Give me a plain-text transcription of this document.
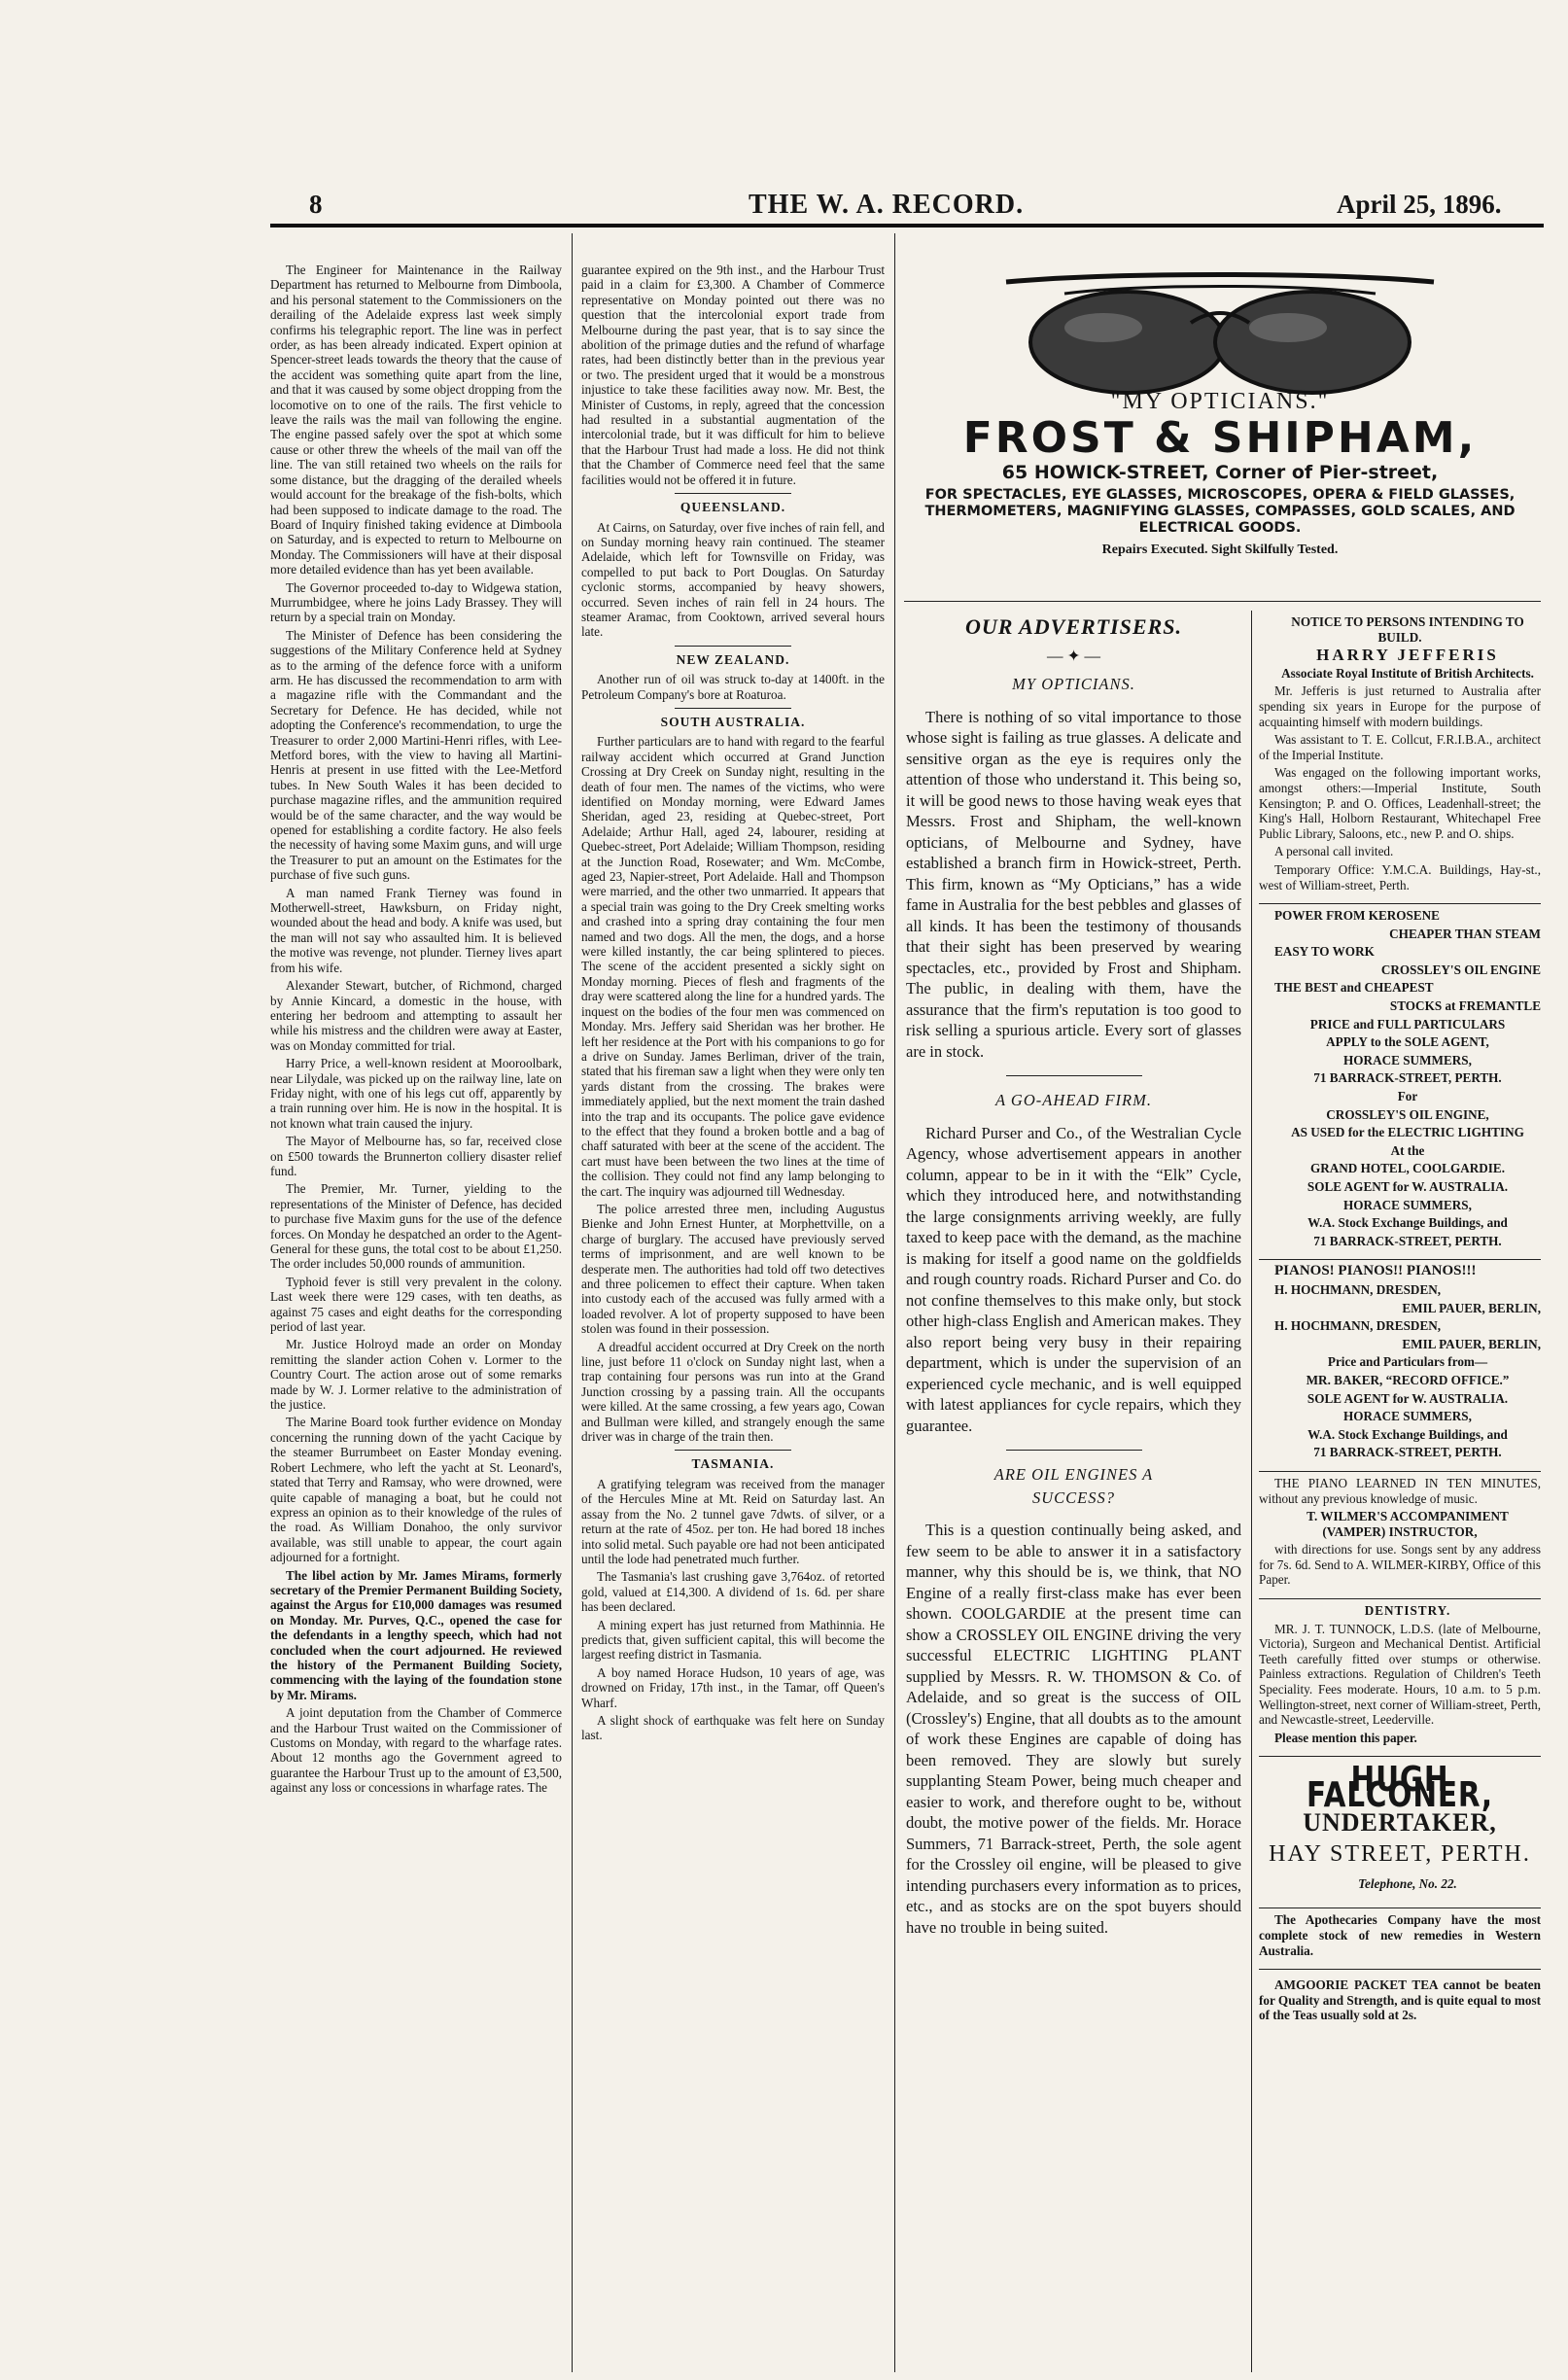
8	THE W. A. RECORD.	April 25, 1896.

The Engineer for Maintenance in the Railway Department has returned to Melbourne from Dimboola, and his personal statement to the Commissioners on the derailing of the Adelaide express last week simply confirms his telegraphic report. The line was in perfect order, as has been already indicated. Expert opinion at Spencer-street leads towards the theory that the cause of the accident was something quite apart from the line, and that it was caused by some object dropping from the locomotive on to one of the rails. The first vehicle to leave the rails was the mail van following the engine. The engine passed safely over the spot at which some cause or other threw the wheels of the mail van off the line. The van still retained two wheels on the rails for some distance, but the dragging of the derailed wheels would account for the breakage of the fish-bolts, which had been supposed to indicate damage to the road. The Board of Inquiry finished taking evidence at Dimboola on Saturday, and is expected to return to Melbourne on Monday. The Commissioners will have at their disposal more detailed evidence than has yet been available.

The Governor proceeded to-day to Widgewa station, Murrumbidgee, where he joins Lady Brassey. They will return by a special train on Monday.

The Minister of Defence has been considering the suggestions of the Military Conference held at Sydney as to the arming of the defence force with a uniform arm. He has discussed the recommendation to arm with a magazine rifle with the Commandant and the Secretary for Defence. He has decided, while not adopting the Conference's recommendation, to urge the Treasurer to order 2,000 Martini-Henri rifles, with Lee-Metford bores, with the view to having all Martini-Henris at present in use fitted with the Lee-Metford tubes. In New South Wales it has been decided to purchase magazine rifles, and the ammunition required would be of the same character, and the way would be opened for establishing a cordite factory. He also feels the necessity of having some Maxim guns, and will urge the Treasurer to put an amount on the Estimates for the purchase of five such guns.

A man named Frank Tierney was found in Motherwell-street, Hawksburn, on Friday night, wounded about the head and body. A knife was used, but the man will not say who assaulted him. It is believed the motive was revenge, not plunder. Tierney lives apart from his wife.

Alexander Stewart, butcher, of Richmond, charged by Annie Kincard, a domestic in the house, with entering her bedroom and attempting to assault her while his mistress and the children were away at Easter, was on Monday committed for trial.

Harry Price, a well-known resident at Mooroolbark, near Lilydale, was picked up on the railway line, late on Friday night, with one of his legs cut off, apparently by a train running over him. He is now in the hospital. It is not known what train caused the injury.

The Mayor of Melbourne has, so far, received close on £500 towards the Brunnerton colliery disaster relief fund.

The Premier, Mr. Turner, yielding to the representations of the Minister of Defence, has decided to purchase five Maxim guns for the use of the defence forces. On Monday he despatched an order to the Agent-General for these guns, the total cost to be about £1,250. The order includes 50,000 rounds of ammunition.

Typhoid fever is still very prevalent in the colony. Last week there were 129 cases, with ten deaths, as against 75 cases and eight deaths for the corresponding period of last year.

Mr. Justice Holroyd made an order on Monday remitting the slander action Cohen v. Lormer to the Country Court. The action arose out of some remarks made by W. J. Lormer relative to the administration of the justice.

The Marine Board took further evidence on Monday concerning the running down of the yacht Cacique by the steamer Burrumbeet on Easter Monday evening. Robert Lechmere, who left the yacht at St. Leonard's, stated that Terry and Ramsay, who were drowned, were quite capable of managing a boat, but he could not express an opinion as to their knowledge of the rules of the road. As William Donahoo, the only survivor available, was still unable to appear, the court again adjourned for a fortnight.

The libel action by Mr. James Mirams, formerly secretary of the Premier Permanent Building Society, against the Argus for £10,000 damages was resumed on Monday. Mr. Purves, Q.C., opened the case for the defendants in a lengthy speech, which had not concluded when the court adjourned. He reviewed the history of the Permanent Building Society, commencing with the laying of the foundation stone by Mr. Mirams.

A joint deputation from the Chamber of Commerce and the Harbour Trust waited on the Commissioner of Customs on Monday, with regard to the wharfage rates. About 12 months ago the Government agreed to guarantee the Harbour Trust up to the amount of £3,500, against any loss or concessions in wharfage rates. The

guarantee expired on the 9th inst., and the Harbour Trust paid in a claim for £3,300. A Chamber of Commerce representative on Monday pointed out there was no question that the intercolonial export trade from Melbourne during the past year, that is to say since the abolition of the primage duties and the refund of wharfage rates, had been distinctly better than in the previous year or two. The president urged that it would be a monstrous injustice to take these facilities away now. Mr. Best, the Minister of Customs, in reply, agreed that the concession had resulted in a substantial augmentation of the intercolonial trade, but it was difficult for him to believe that the Harbour Trust had made a loss. He did not think that the Chamber of Commerce need feel that the same facilities would not be offered it in future.

QUEENSLAND.

At Cairns, on Saturday, over five inches of rain fell, and on Sunday morning heavy rain continued. The steamer Adelaide, which left for Townsville on Friday, was compelled to put back to Port Douglas. On Saturday cyclonic storms, accompanied by heavy showers, occurred. Seven inches of rain fell in 24 hours. The steamer Aramac, from Cooktown, arrived several hours late.

NEW ZEALAND.

Another run of oil was struck to-day at 1400ft. in the Petroleum Company's bore at Roaturoa.

SOUTH AUSTRALIA.

Further particulars are to hand with regard to the fearful railway accident which occurred at Grand Junction Crossing at Dry Creek on Sunday night, resulting in the death of four men. The names of the victims, who were identified on Monday morning, were Edward James Sheridan, aged 23, residing at Quebec-street, Port Adelaide; Arthur Hall, aged 24, labourer, residing at Quebec-street, Port Adelaide; William Thompson, residing at the Junction Road, Rosewater; and Wm. McCombe, aged 23, Napier-street, Port Adelaide. Hall and Thompson were married, and the other two unmarried. It appears that a special train was going to the Dry Creek smelting works and crashed into a spring dray containing the four men named and two dogs. All the men, the dogs, and a horse were killed instantly, the car being splintered to pieces. The scene of the accident presented a sickly sight on Monday morning. Pieces of flesh and fragments of the dray were scattered along the line for a hundred yards. The inquest on the bodies of the four men was commenced on Monday. Mrs. Jeffery said Sheridan was her brother. He left her residence at the Port with his companions to go for a drive on Sunday. James Berliman, driver of the train, stated that his fireman saw a light when they were only ten yards distant from the crossing. The brakes were immediately applied, but the next moment the train dashed into the trap and its occupants. The police gave evidence to the effect that they found a broken bottle and a bag of chaff saturated with beer at the scene of the accident. The cart must have been between the two lines at the time of the collision. They could not find any lamp belonging to the cart. The inquiry was adjourned till Wednesday.

The police arrested three men, including Augustus Bienke and John Ernest Hunter, at Morphettville, on a charge of burglary. The accused have previously served terms of imprisonment, and are well known to be desperate men. The authorities had told off two detectives and three policemen to effect their capture. When taken into custody each of the accused was fully armed with a loaded revolver. A lot of property supposed to have been stolen was found in their possession.

A dreadful accident occurred at Dry Creek on the north line, just before 11 o'clock on Sunday night last, when a trap containing four persons was run into at the Grand Junction crossing by a passing train. All the occupants were killed. At the same crossing, a few years ago, Cowan and Bullman were killed, and strangely enough the same driver was in charge of the train then.

TASMANIA.

A gratifying telegram was received from the manager of the Hercules Mine at Mt. Reid on Saturday last. An assay from the No. 2 tunnel gave 7dwts. of silver, or a return at the rate of 45oz. per ton. He had bored 18 inches into solid metal. Such payable ore had not been anticipated until the lode had penetrated much further.

The Tasmania's last crushing gave 3,764oz. of retorted gold, valued at £14,300. A dividend of 1s. 6d. per share has been declared.

A mining expert has just returned from Mathinnia. He predicts that, given sufficient capital, this will become the largest reefing district in Tasmania.

A boy named Horace Hudson, 10 years of age, was drowned on Friday, 17th inst., in the Tamar, off Queen's Wharf.

A slight shock of earthquake was felt here on Sunday last.

"MY OPTICIANS."
FROST & SHIPHAM,
65 HOWICK-STREET, Corner of Pier-street,
FOR SPECTACLES, EYE GLASSES, MICROSCOPES, OPERA & FIELD GLASSES, THERMOMETERS, MAGNIFYING GLASSES, COMPASSES, GOLD SCALES, AND ELECTRICAL GOODS.
Repairs Executed. Sight Skilfully Tested.
OUR ADVERTISERS.
— ✦ —
MY OPTICIANS.

There is nothing of so vital importance to those whose sight is failing as true glasses. A delicate and sensitive organ as the eye is requires only the attention of those who understand it. This being so, it will be good news to those having weak eyes that Messrs. Frost and Shipham, the well-known opticians, of Melbourne and Sydney, have established a branch firm in Howick-street, Perth. This firm, known as “My Opticians,” has a wide fame in Australia for the best pebbles and glasses of all kinds. It has been the testimony of thousands that their sight has been preserved by wearing spectacles, etc., provided by Frost and Shipham. The public, in dealing with them, have the assurance that the firm's reputation is too good to risk selling a spurious article. Every sort of glasses are in stock.

A GO-AHEAD FIRM.

Richard Purser and Co., of the Westralian Cycle Agency, whose advertisement appears in another column, appear to be in it with the “Elk” Cycle, which they introduced here, and notwithstanding the large consignments arriving weekly, are fully taxed to keep pace with the demand, as the machine is making for itself a good name on the goldfields and rough country roads. Richard Purser and Co. do not confine themselves to this make only, but stock other high-class English and American makes. They also report being very busy in their repairing department, which is under the supervision of an experienced cycle mechanic, and is well equipped with latest appliances for cycle repairs, which they guarantee.

ARE OIL ENGINES A
SUCCESS?

This is a question continually being asked, and few seem to be able to answer it in a satisfactory manner, why this should be is, we think, that NO Engine of a really first-class make has ever been shown. COOLGARDIE at the present time can show a CROSSLEY OIL ENGINE driving the very successful ELECTRIC LIGHTING PLANT supplied by Messrs. R. W. THOMSON & Co. of Adelaide, and so great is the success of OIL (Crossley's) Engine, that all doubts as to the amount of work these Engines are capable of doing has been removed. They are slowly but surely supplanting Steam Power, being much cheaper and easier to work, and therefore ought to be, without doubt, the motive power of the fields. Mr. Horace Summers, 71 Barrack-street, Perth, the sole agent for the Crossley oil engine, will be pleased to give intending purchasers every information as to prices, etc., and as stocks are on the spot buyers should have no trouble in being suited.

NOTICE TO PERSONS INTENDING TO BUILD.

HARRY JEFFERIS

Associate Royal Institute of British Architects.

Mr. Jefferis is just returned to Australia after spending six years in Europe for the purpose of acquainting himself with modern buildings.

Was assistant to T. E. Collcut, F.R.I.B.A., architect of the Imperial Institute.

Was engaged on the following important works, amongst others:—Imperial Institute, South Kensington; P. and O. Offices, Leadenhall-street; the King's Hall, Holborn Restaurant, Whitechapel Free Public Library, Saloons, etc., new P. and O. ships.

A personal call invited.

Temporary Office: Y.M.C.A. Buildings, Hay-st., west of William-street, Perth.

POWER FROM KEROSENE

CHEAPER THAN STEAM

EASY TO WORK

CROSSLEY'S OIL ENGINE

THE BEST and CHEAPEST

STOCKS at FREMANTLE

PRICE and FULL PARTICULARS

APPLY to the SOLE AGENT,

HORACE SUMMERS,

71 BARRACK-STREET, PERTH.

For

CROSSLEY'S OIL ENGINE,

AS USED for the ELECTRIC LIGHTING

At the

GRAND HOTEL, COOLGARDIE.

SOLE AGENT for W. AUSTRALIA.

HORACE SUMMERS,

W.A. Stock Exchange Buildings, and

71 BARRACK-STREET, PERTH.

PIANOS! PIANOS!! PIANOS!!!

H. HOCHMANN, DRESDEN,

EMIL PAUER, BERLIN,

H. HOCHMANN, DRESDEN,

EMIL PAUER, BERLIN,

Price and Particulars from—

MR. BAKER, “RECORD OFFICE.”

SOLE AGENT for W. AUSTRALIA.

HORACE SUMMERS,

W.A. Stock Exchange Buildings, and

71 BARRACK-STREET, PERTH.

THE PIANO LEARNED IN TEN MINUTES, without any previous knowledge of music.

T. WILMER'S ACCOMPANIMENT (VAMPER) INSTRUCTOR,

with directions for use. Songs sent by any address for 7s. 6d. Send to A. WILMER-KIRBY, Office of this Paper.

DENTISTRY.

MR. J. T. TUNNOCK, L.D.S. (late of Melbourne, Victoria), Surgeon and Mechanical Dentist. Artificial Teeth carefully fitted over stumps or otherwise. Painless extractions. Regulation of Children's Teeth Speciality. Fees moderate. Hours, 10 a.m. to 5 p.m. Wellington-street, next corner of William-street, Perth, and Newcastle-street, Leederville.

Please mention this paper.

HUGH FALCONER,
UNDERTAKER,
HAY STREET, PERTH.

Telephone, No. 22.

The Apothecaries Company have the most complete stock of new remedies in Western Australia.

AMGOORIE PACKET TEA cannot be beaten for Quality and Strength, and is quite equal to most of the Teas usually sold at 2s.
